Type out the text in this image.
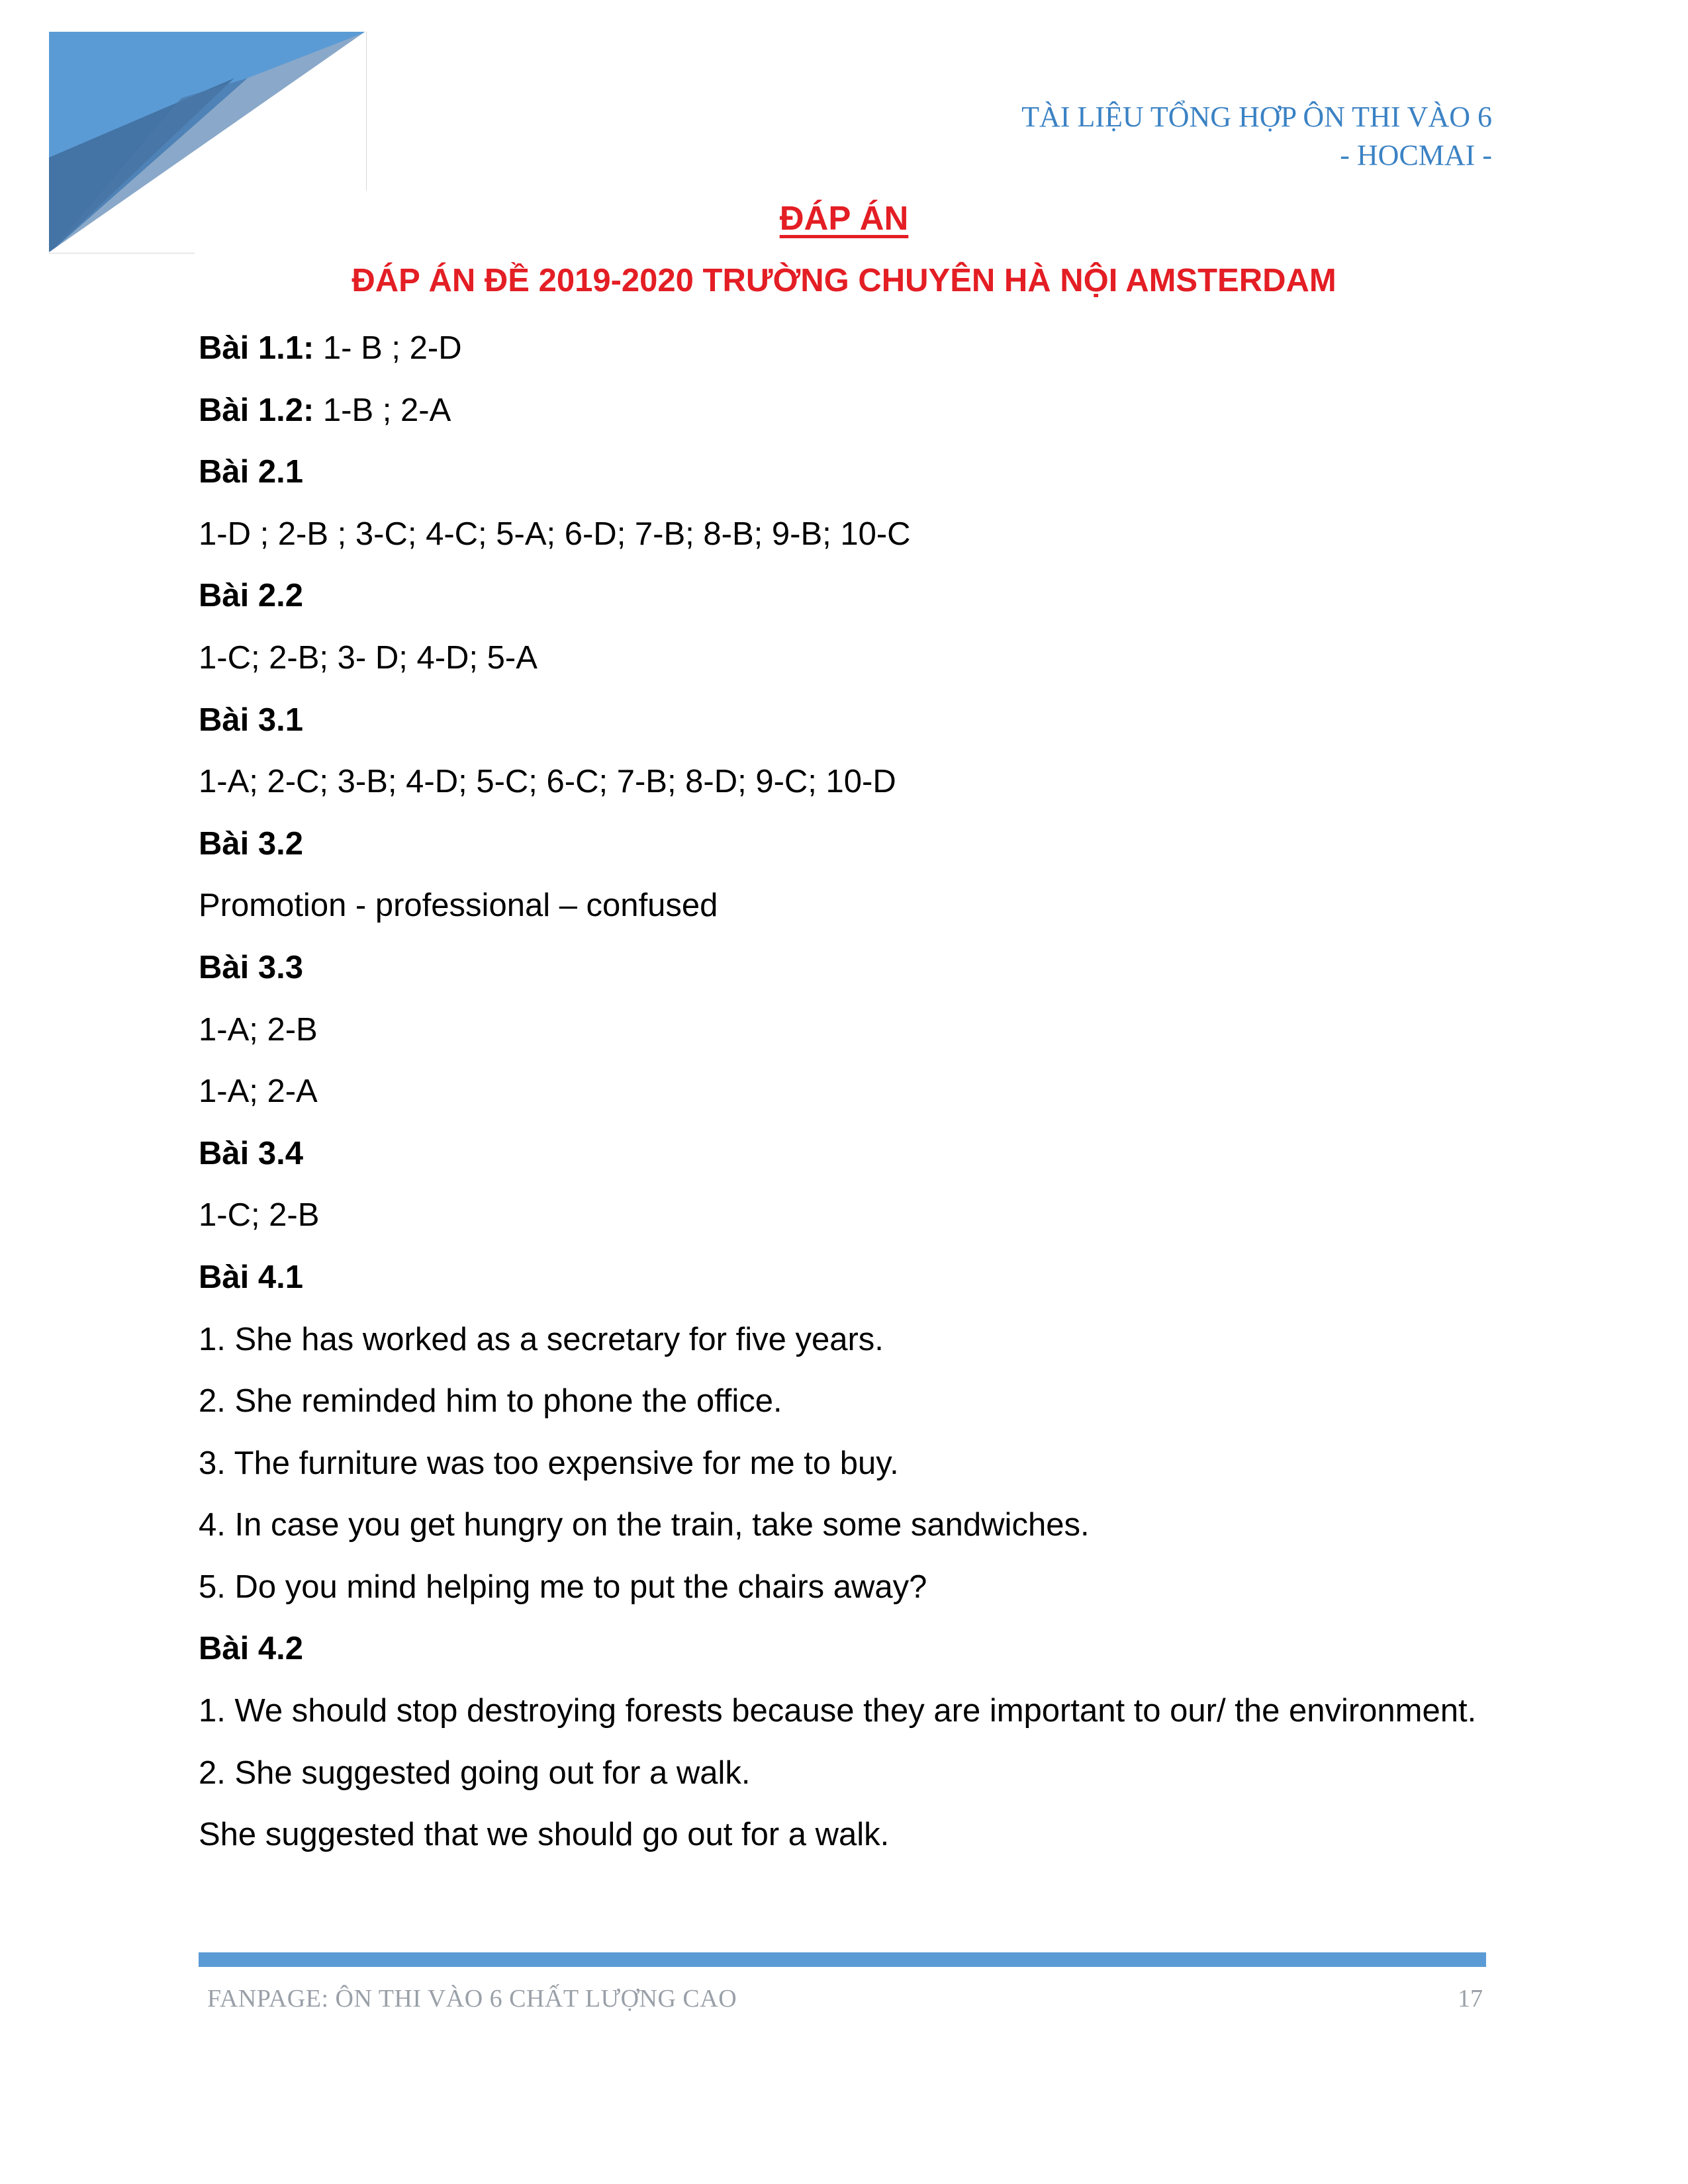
TÀI LIỆU TỔNG HỢP ÔN THI VÀO 6
- HOCMAI -
ĐÁP ÁN
ĐÁP ÁN ĐỀ 2019-2020 TRƯỜNG CHUYÊN HÀ NỘI AMSTERDAM
Bài 1.1: 1- B ; 2-D
Bài 1.2: 1-B ; 2-A
Bài 2.1
1-D ; 2-B ; 3-C; 4-C; 5-A; 6-D; 7-B; 8-B; 9-B; 10-C
Bài 2.2
1-C; 2-B; 3- D; 4-D; 5-A
Bài 3.1
1-A; 2-C; 3-B; 4-D; 5-C; 6-C; 7-B; 8-D; 9-C; 10-D
Bài 3.2
Promotion - professional – confused
Bài 3.3
1-A; 2-B
1-A; 2-A
Bài 3.4
1-C; 2-B
Bài 4.1
1. She has worked as a secretary for five years.
2. She reminded him to phone the office.
3. The furniture was too expensive for me to buy.
4. In case you get hungry on the train, take some sandwiches.
5. Do you mind helping me to put the chairs away?
Bài 4.2
1. We should stop destroying forests because they are important to our/ the environment.
2. She suggested going out for a walk.
She suggested that we should go out for a walk.
FANPAGE: ÔN THI VÀO 6 CHẤT LƯỢNG CAO	17
